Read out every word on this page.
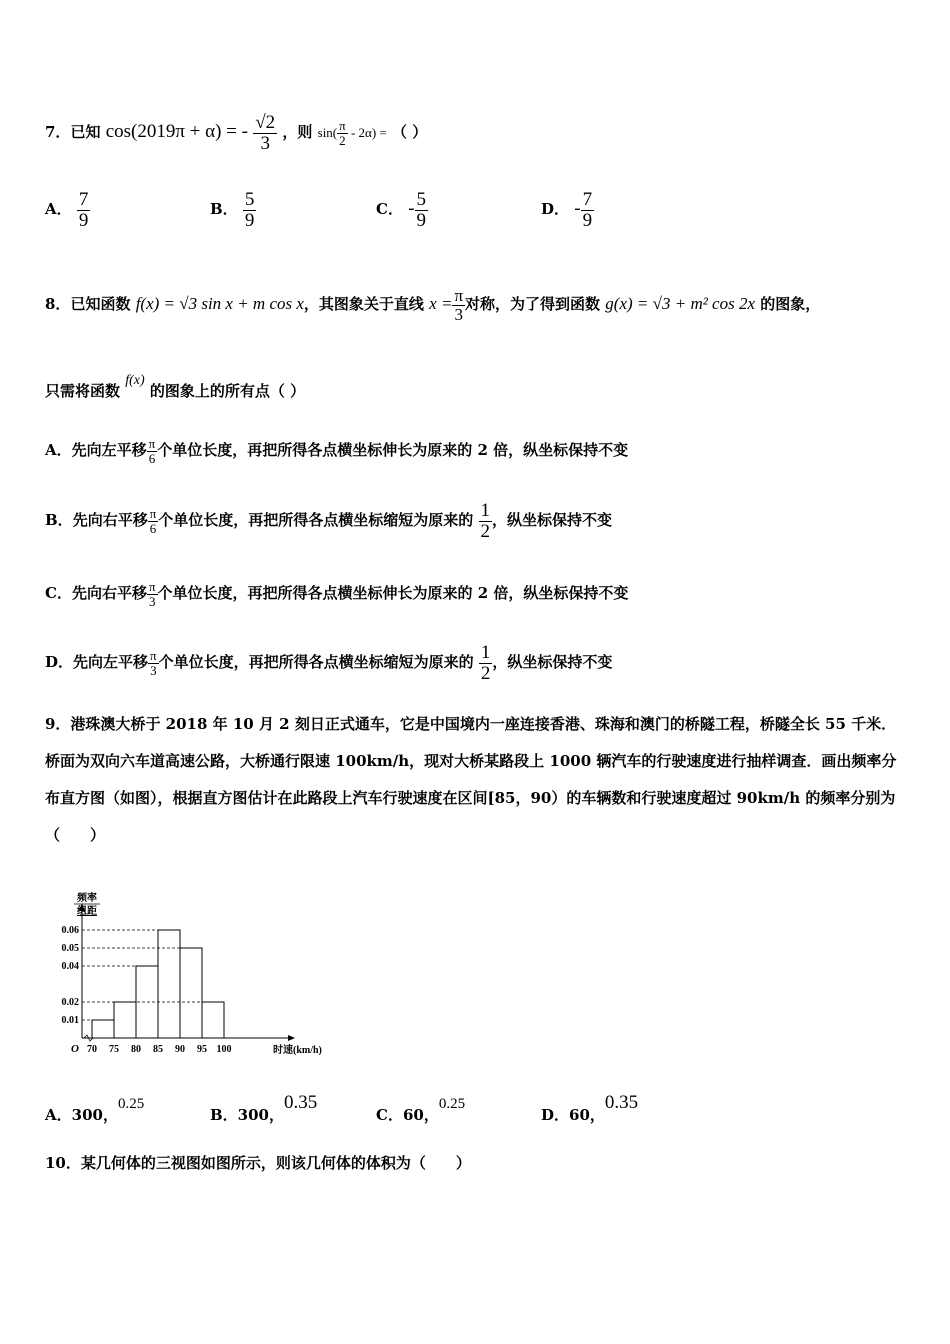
7．已知 cos(2019π + α) = - $\frac{√2}{3}$ ，则 $\sin( \frac{\pi}{2} - 2\alpha)$ = （ ）
A． $\frac{7}{9}$	B． $\frac{5}{9}$	C． - $\frac{5}{9}$	D． - $\frac{7}{9}$
8．已知函数 f(x) = √3 sin x + m cos x，其图象关于直线 $x = \frac{\pi}{3}$ 对称，为了得到函数 g(x) = √3 + m² cos 2x 的图象，
只需将函数 f(x) 的图象上的所有点（ ）
A．先向左平移 $\frac{\pi}{6}$ 个单位长度，再把所得各点横坐标伸长为原来的 2 倍，纵坐标保持不变
B．先向右平移 $\frac{\pi}{6}$ 个单位长度，再把所得各点横坐标缩短为原来的 $\frac{1}{2}$ ，纵坐标保持不变
C．先向右平移 $\frac{\pi}{3}$ 个单位长度，再把所得各点横坐标伸长为原来的 2 倍，纵坐标保持不变
D．先向左平移 $\frac{\pi}{3}$ 个单位长度，再把所得各点横坐标缩短为原来的 $\frac{1}{2}$ ，纵坐标保持不变
9．港珠澳大桥于 2018 年 10 月 2 刻日正式通车，它是中国境内一座连接香港、珠海和澳门的桥隧工程，桥隧全长 55 千米．桥面为双向六车道高速公路，大桥通行限速 100km/h，现对大桥某路段上 1000 辆汽车的行驶速度进行抽样调查．画出频率分布直方图（如图），根据直方图估计在此路段上汽车行驶速度在区间[85，90）的车辆数和行驶速度超过 90km/h 的频率分别为（　　）
频率
组距
0.06
0.05
0.04
0.02
0.01
O 70 75 80 85 90 95 100	时速(km/h)
A．300，0.25
B．300，0.35
C．60，0.25
D．60，0.35
10．某几何体的三视图如图所示，则该几何体的体积为（　　）
